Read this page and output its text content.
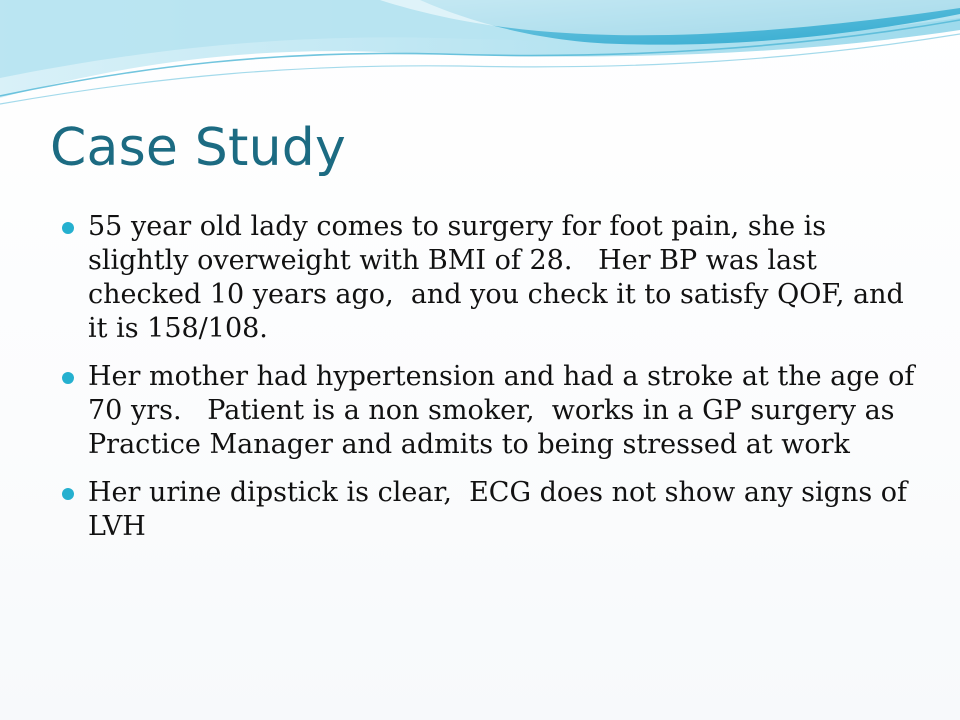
Case Study
55 year old lady comes to surgery for foot pain, she is slightly overweight with BMI of 28.   Her BP was last checked 10 years ago,  and you check it to satisfy QOF, and it is 158/108.
Her mother had hypertension and had a stroke at the age of 70 yrs.   Patient is a non smoker,  works in a GP surgery as Practice Manager and admits to being stressed at work
Her urine dipstick is clear,  ECG does not show any signs of LVH
